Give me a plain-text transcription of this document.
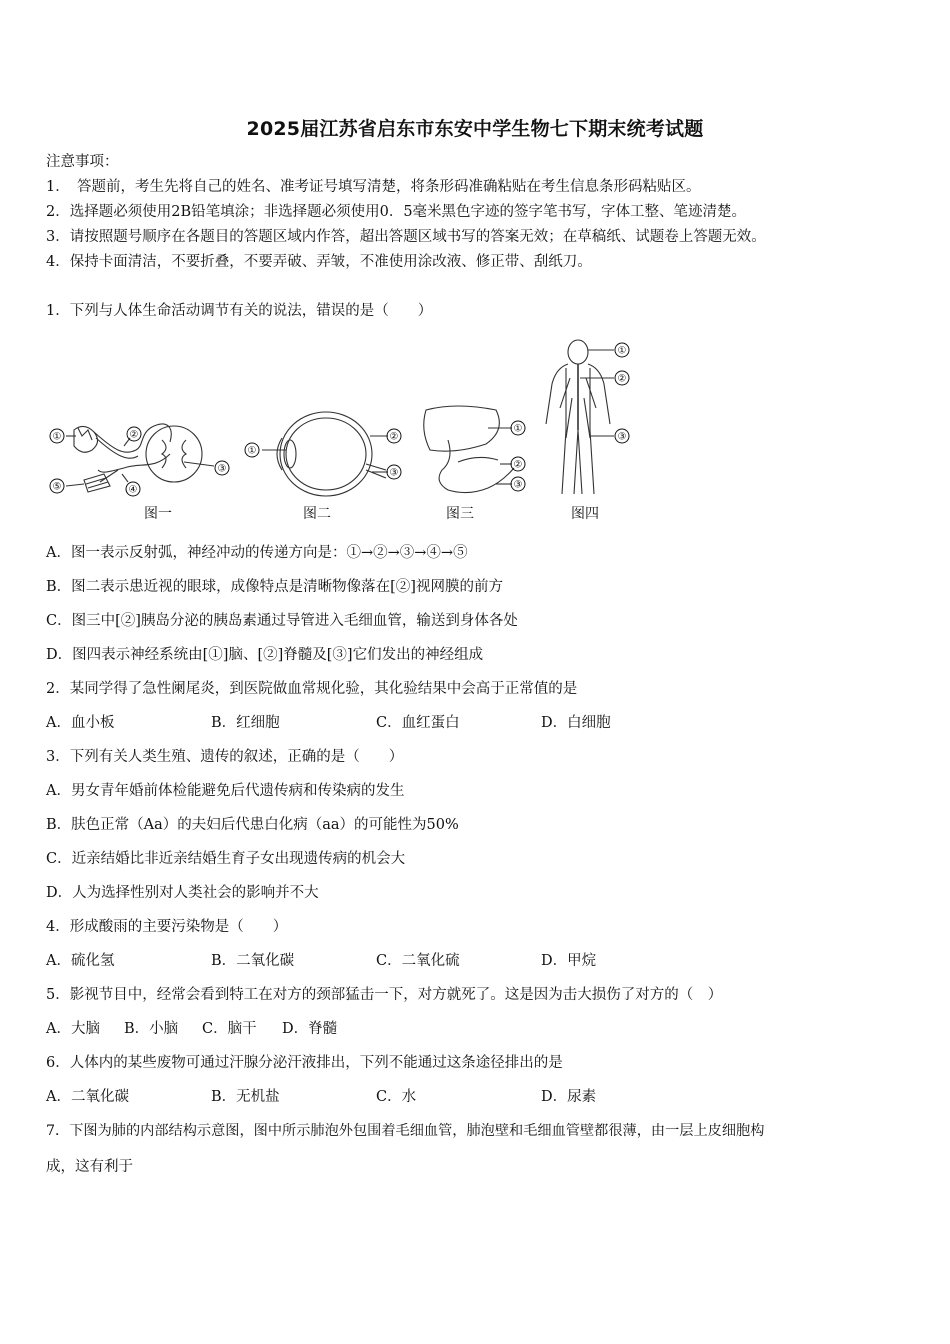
2025届江苏省启东市东安中学生物七下期末统考试题
注意事项：
1．　答题前，考生先将自己的姓名、准考证号填写清楚，将条形码准确粘贴在考生信息条形码粘贴区。
2．选择题必须使用2B铅笔填涂；非选择题必须使用0．5毫米黑色字迹的签字笔书写，字体工整、笔迹清楚。
3．请按照题号顺序在各题目的答题区域内作答，超出答题区域书写的答案无效；在草稿纸、试题卷上答题无效。
4．保持卡面清洁，不要折叠，不要弄破、弄皱，不准使用涂改液、修正带、刮纸刀。
1．下列与人体生命活动调节有关的说法，错误的是（　　）
①	②
③
④
⑤
图一
①
②
③
图二
①
②
③
图三
①
②
③
图四
A．图一表示反射弧，神经冲动的传递方向是：①→②→③→④→⑤
B．图二表示患近视的眼球，成像特点是清晰物像落在[②]视网膜的前方
C．图三中[②]胰岛分泌的胰岛素通过导管进入毛细血管，输送到身体各处
D．图四表示神经系统由[①]脑、[②]脊髓及[③]它们发出的神经组成
2．某同学得了急性阑尾炎，到医院做血常规化验，其化验结果中会高于正常值的是
A．血小板	B．红细胞	C．血红蛋白	D．白细胞
3．下列有关人类生殖、遗传的叙述，正确的是（　　）
A．男女青年婚前体检能避免后代遗传病和传染病的发生
B．肤色正常（Aa）的夫妇后代患白化病（aa）的可能性为50%
C．近亲结婚比非近亲结婚生育子女出现遗传病的机会大
D．人为选择性别对人类社会的影响并不大
4．形成酸雨的主要污染物是（　　）
A．硫化氢	B．二氧化碳	C．二氧化硫	D．甲烷
5．影视节目中，经常会看到特工在对方的颈部猛击一下，对方就死了。这是因为击大损伤了对方的（　）
A．大脑 B．小脑 C．脑干 D．脊髓
6．人体内的某些废物可通过汗腺分泌汗液排出，下列不能通过这条途径排出的是
A．二氧化碳	B．无机盐	C．水	D．尿素
7．下图为肺的内部结构示意图，图中所示肺泡外包围着毛细血管，肺泡壁和毛细血管壁都很薄，由一层上皮细胞构
成，这有利于
